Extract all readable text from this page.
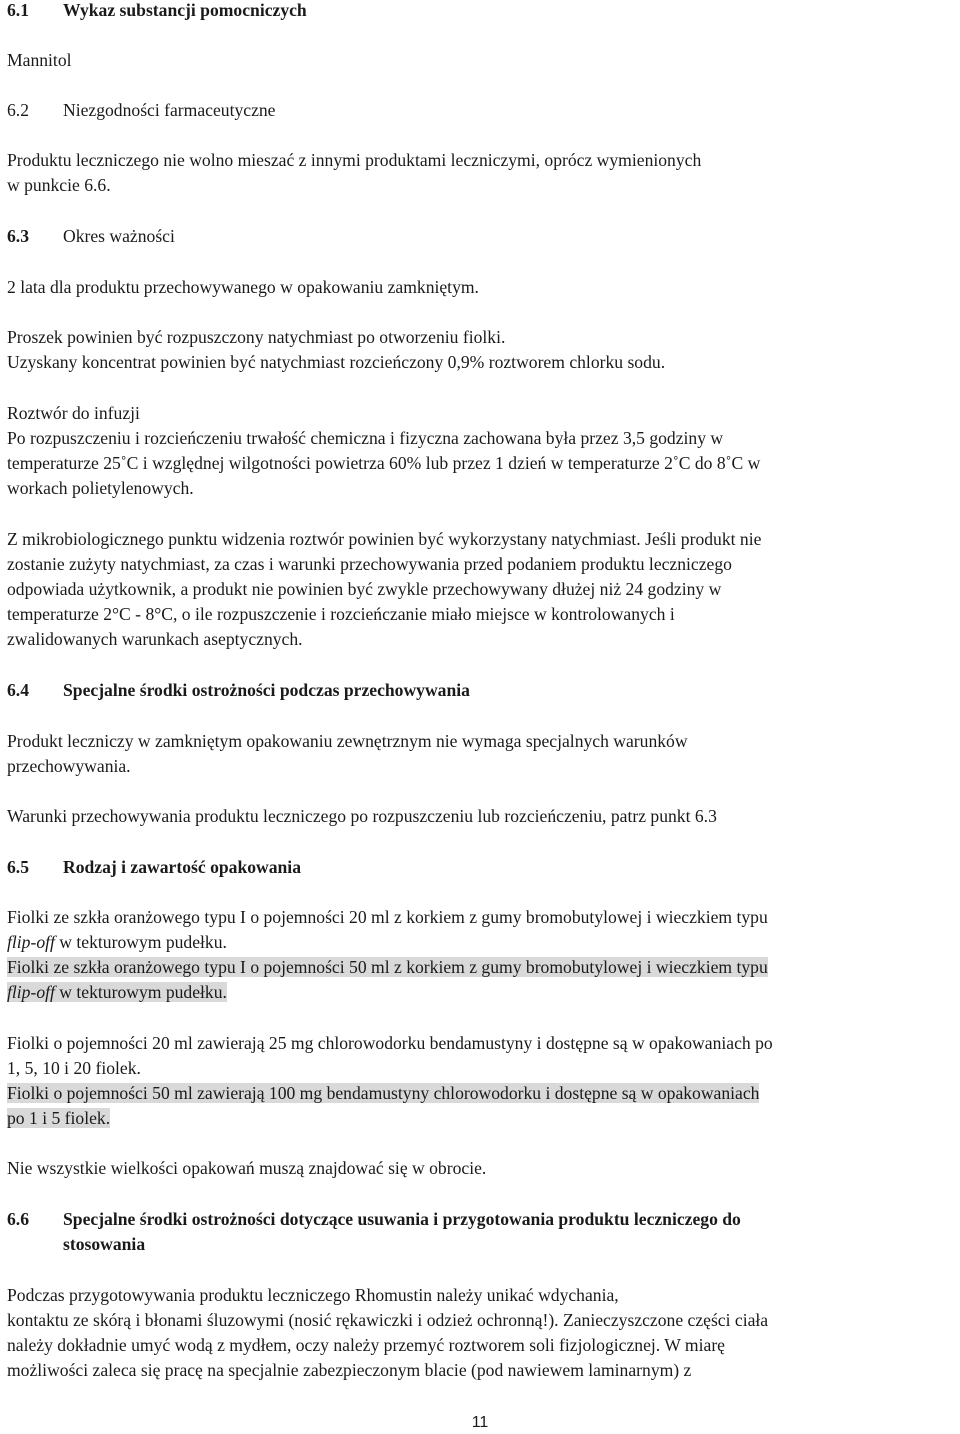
6.1 Wykaz substancji pomocniczych
Mannitol
6.2 Niezgodności farmaceutyczne
Produktu leczniczego nie wolno mieszać z innymi produktami leczniczymi, oprócz wymienionych
w punkcie 6.6.
6.3 Okres ważności
2 lata dla produktu przechowywanego w opakowaniu zamkniętym.
Proszek powinien być rozpuszczony natychmiast po otworzeniu fiolki.
Uzyskany koncentrat powinien być natychmiast rozcieńczony 0,9% roztworem chlorku sodu.
Roztwór do infuzji
Po rozpuszczeniu i rozcieńczeniu trwałość chemiczna i fizyczna zachowana była przez 3,5 godziny w
temperaturze 25˚C i względnej wilgotności powietrza 60% lub przez 1 dzień w temperaturze 2˚C do 8˚C w
workach polietylenowych.
Z mikrobiologicznego punktu widzenia roztwór powinien być wykorzystany natychmiast. Jeśli produkt nie
zostanie zużyty natychmiast, za czas i warunki przechowywania przed podaniem produktu leczniczego
odpowiada użytkownik, a produkt nie powinien być zwykle przechowywany dłużej niż 24 godziny w
temperaturze 2°C - 8°C, o ile rozpuszczenie i rozcieńczanie miało miejsce w kontrolowanych i
zwalidowanych warunkach aseptycznych.
6.4 Specjalne środki ostrożności podczas przechowywania
Produkt leczniczy w zamkniętym opakowaniu zewnętrznym nie wymaga specjalnych warunków
przechowywania.
Warunki przechowywania produktu leczniczego po rozpuszczeniu lub rozcieńczeniu, patrz punkt 6.3
6.5 Rodzaj i zawartość opakowania
Fiolki ze szkła oranżowego typu I o pojemności 20 ml z korkiem z gumy bromobutylowej i wieczkiem typu
flip-off w tekturowym pudełku.
Fiolki ze szkła oranżowego typu I o pojemności 50 ml z korkiem z gumy bromobutylowej i wieczkiem typu
flip-off w tekturowym pudełku.
Fiolki o pojemności 20 ml zawierają 25 mg chlorowodorku bendamustyny i dostępne są w opakowaniach po
1, 5, 10 i 20 fiolek.
Fiolki o pojemności 50 ml zawierają 100 mg bendamustyny chlorowodorku i dostępne są w opakowaniach
po 1 i 5 fiolek.
Nie wszystkie wielkości opakowań muszą znajdować się w obrocie.
6.6 Specjalne środki ostrożności dotyczące usuwania i przygotowania produktu leczniczego do
stosowania
Podczas przygotowywania produktu leczniczego Rhomustin należy unikać wdychania,
kontaktu ze skórą i błonami śluzowymi (nosić rękawiczki i odzież ochronną!). Zanieczyszczone części ciała
należy dokładnie umyć wodą z mydłem, oczy należy przemyć roztworem soli fizjologicznej. W miarę
możliwości zaleca się pracę na specjalnie zabezpieczonym blacie (pod nawiewem laminarnym) z
11
